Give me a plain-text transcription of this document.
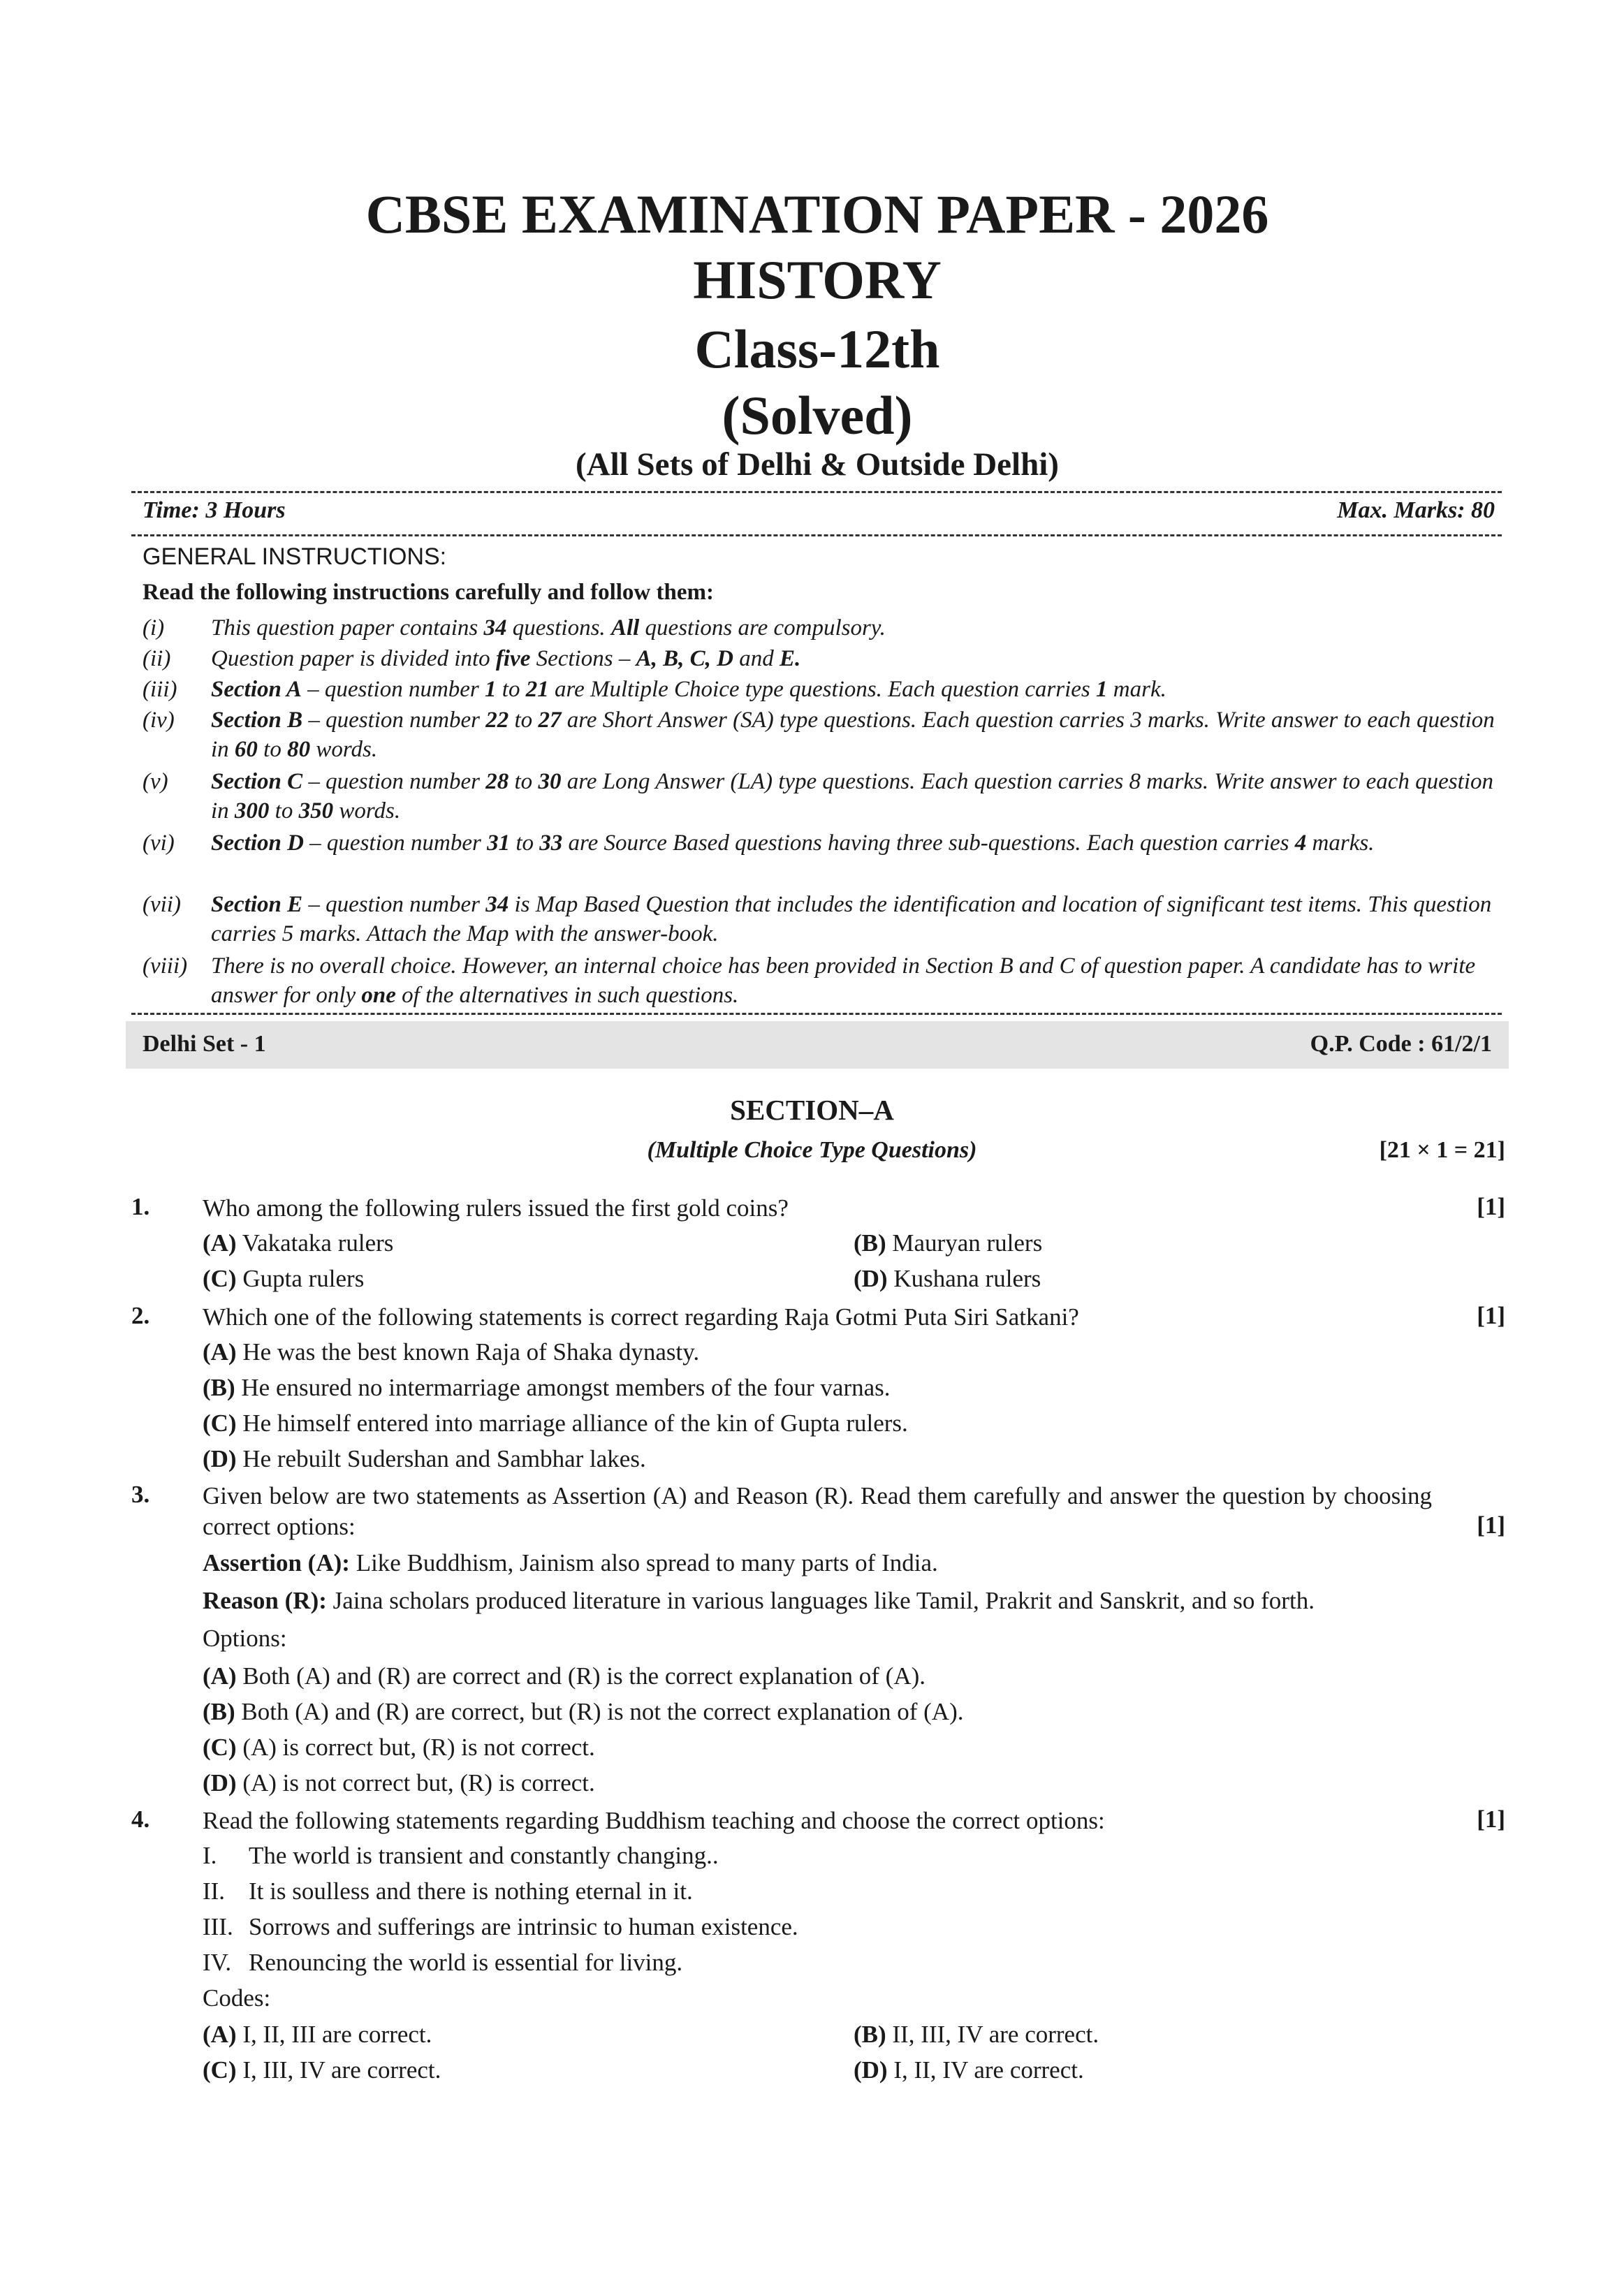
CBSE EXAMINATION PAPER - 2026
HISTORY
Class-12th
(Solved)
(All Sets of Delhi & Outside Delhi)
Time: 3 Hours	Max. Marks: 80
GENERAL INSTRUCTIONS:
Read the following instructions carefully and follow them:
(i)	This question paper contains 34 questions. All questions are compulsory.
(ii)	Question paper is divided into five Sections – A, B, C, D and E.
(iii)	Section A – question number 1 to 21 are Multiple Choice type questions. Each question carries 1 mark.
(iv)	Section B – question number 22 to 27 are Short Answer (SA) type questions. Each question carries 3 marks. Write answer to each question in 60 to 80 words.
(v)	Section C – question number 28 to 30 are Long Answer (LA) type questions. Each question carries 8 marks. Write answer to each question in 300 to 350 words.
(vi)	Section D – question number 31 to 33 are Source Based questions having three sub-questions. Each question carries 4 marks.
(vii)	Section E – question number 34 is Map Based Question that includes the identification and location of significant test items. This question carries 5 marks. Attach the Map with the answer-book.
(viii)	There is no overall choice. However, an internal choice has been provided in Section B and C of question paper. A candidate has to write answer for only one of the alternatives in such questions.
Delhi Set - 1	Q.P. Code : 61/2/1
SECTION–A
(Multiple Choice Type Questions)	[21 × 1 = 21]
1. Who among the following rulers issued the first gold coins?	[1]
(A) Vakataka rulers	(B) Mauryan rulers
(C) Gupta rulers	(D) Kushana rulers
2. Which one of the following statements is correct regarding Raja Gotmi Puta Siri Satkani?	[1]
(A) He was the best known Raja of Shaka dynasty.
(B) He ensured no intermarriage amongst members of the four varnas.
(C) He himself entered into marriage alliance of the kin of Gupta rulers.
(D) He rebuilt Sudershan and Sambhar lakes.
3. Given below are two statements as Assertion (A) and Reason (R). Read them carefully and answer the question by choosing correct options:	[1]
Assertion (A): Like Buddhism, Jainism also spread to many parts of India.
Reason (R): Jaina scholars produced literature in various languages like Tamil, Prakrit and Sanskrit, and so forth.
Options:
(A) Both (A) and (R) are correct and (R) is the correct explanation of (A).
(B) Both (A) and (R) are correct, but (R) is not the correct explanation of (A).
(C) (A) is correct but, (R) is not correct.
(D) (A) is not correct but, (R) is correct.
4. Read the following statements regarding Buddhism teaching and choose the correct options:	[1]
I. The world is transient and constantly changing..
II. It is soulless and there is nothing eternal in it.
III. Sorrows and sufferings are intrinsic to human existence.
IV. Renouncing the world is essential for living.
Codes:
(A) I, II, III are correct.	(B) II, III, IV are correct.
(C) I, III, IV are correct.	(D) I, II, IV are correct.
